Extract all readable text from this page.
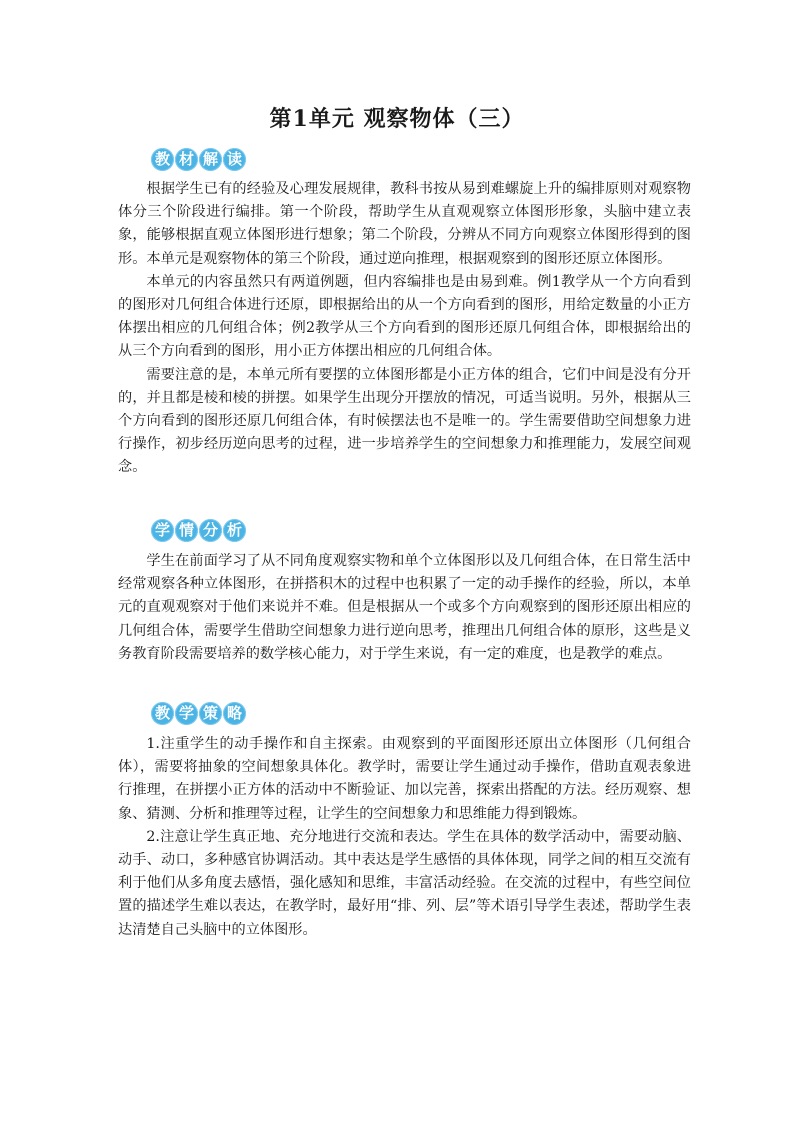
第1单元 观察物体（三）
教 材 解 读

根据学生已有的经验及心理发展规律，教科书按从易到难螺旋上升的编排原则对观察物体分三个阶段进行编排。第一个阶段，帮助学生从直观观察立体图形形象，头脑中建立表象，能够根据直观立体图形进行想象；第二个阶段，分辨从不同方向观察立体图形得到的图形。本单元是观察物体的第三个阶段，通过逆向推理，根据观察到的图形还原立体图形。

本单元的内容虽然只有两道例题，但内容编排也是由易到难。例1教学从一个方向看到的图形对几何组合体进行还原，即根据给出的从一个方向看到的图形，用给定数量的小正方体摆出相应的几何组合体；例2教学从三个方向看到的图形还原几何组合体，即根据给出的从三个方向看到的图形，用小正方体摆出相应的几何组合体。

需要注意的是，本单元所有要摆的立体图形都是小正方体的组合，它们中间是没有分开的，并且都是棱和棱的拼摆。如果学生出现分开摆放的情况，可适当说明。另外，根据从三个方向看到的图形还原几何组合体，有时候摆法也不是唯一的。学生需要借助空间想象力进行操作，初步经历逆向思考的过程，进一步培养学生的空间想象力和推理能力，发展空间观念。

学 情 分 析

学生在前面学习了从不同角度观察实物和单个立体图形以及几何组合体，在日常生活中经常观察各种立体图形，在拼搭积木的过程中也积累了一定的动手操作的经验，所以，本单元的直观观察对于他们来说并不难。但是根据从一个或多个方向观察到的图形还原出相应的几何组合体，需要学生借助空间想象力进行逆向思考，推理出几何组合体的原形，这些是义务教育阶段需要培养的数学核心能力，对于学生来说，有一定的难度，也是教学的难点。

教 学 策 略

1.注重学生的动手操作和自主探索。由观察到的平面图形还原出立体图形（几何组合体），需要将抽象的空间想象具体化。教学时，需要让学生通过动手操作，借助直观表象进行推理，在拼摆小正方体的活动中不断验证、加以完善，探索出搭配的方法。经历观察、想象、猜测、分析和推理等过程，让学生的空间想象力和思维能力得到锻炼。

2.注意让学生真正地、充分地进行交流和表达。学生在具体的数学活动中，需要动脑、动手、动口，多种感官协调活动。其中表达是学生感悟的具体体现，同学之间的相互交流有利于他们从多角度去感悟，强化感知和思维，丰富活动经验。在交流的过程中，有些空间位置的描述学生难以表达，在教学时，最好用“排、列、层”等术语引导学生表述，帮助学生表达清楚自己头脑中的立体图形。
